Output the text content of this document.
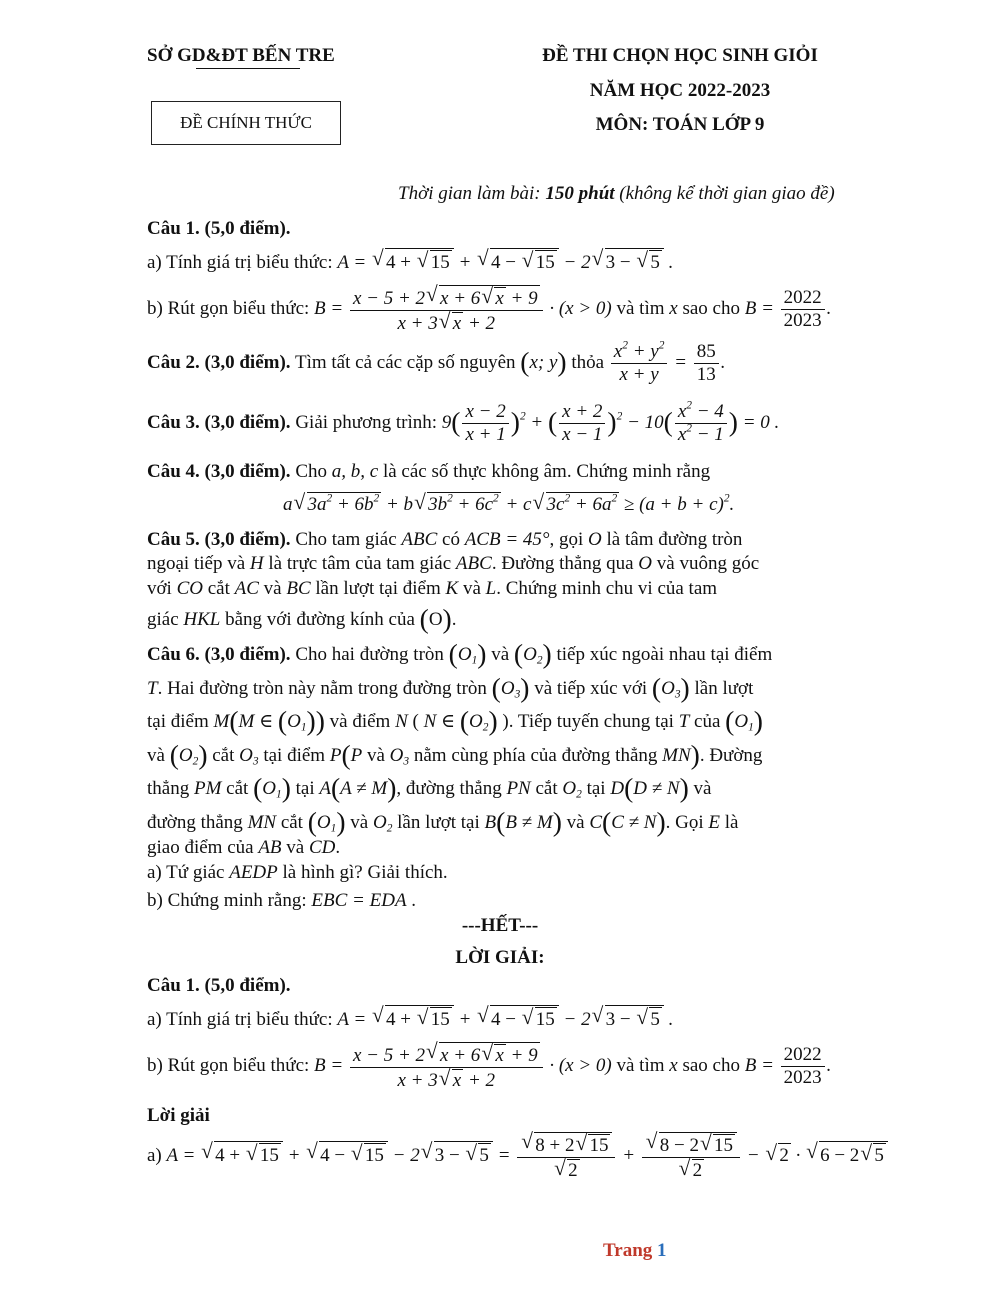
SỞ GD&ĐT BẾN TRE
ĐỀ CHÍNH THỨC
ĐỀ THI CHỌN HỌC SINH GIỎI
NĂM HỌC 2022-2023
MÔN: TOÁN LỚP 9
Thời gian làm bài: 150 phút (không kể thời gian giao đề)
Câu 1. (5,0 điểm).
a) Tính giá trị biểu thức: A = √ 4 + √ 15 + √ 4 − √ 15 − 2√ 3 − √ 5 .
b) Rút gọn biểu thức: $B = \frac{x - 5 + 2√ x + 6√ x + 9}{x + 3√ x + 2} \cdot (x > 0)$ và tìm x sao cho $B = \frac{2022}{2023}$ .
Câu 2. (3,0 điểm). Tìm tất cả các cặp số nguyên (x; y) thỏa $\frac{x^2 + y^2}{x + y} = \frac{85}{13}$ .
Câu 3. (3,0 điểm). Giải phương trình: $9( \frac{x - 2}{x + 1} )^2$ + ( $\frac{x + 2}{x - 1} )^2 - 10( \frac{x^2 - 4}{x^2 - 1}$ ) = 0 .
Câu 4. (3,0 điểm). Cho a, b, c là các số thực không âm. Chứng minh rằng
a√ $3a^2 + 6b^2 + b√$ $3b^2 + 6c^2 + c√$ $3c^2 + 6a^2 \ge (a + b + c)^2$.
Câu 5. (3,0 điểm). Cho tam giác ABC có ACB = 45°, gọi O là tâm đường tròn
ngoại tiếp và H là trực tâm của tam giác ABC. Đường thẳng qua O và vuông góc
với CO cắt AC và BC lần lượt tại điểm K và L. Chứng minh chu vi của tam
giác HKL bằng với đường kính của (O).
Câu 6. (3,0 điểm). Cho hai đường tròn $(O_1)$ và $(O_2)$ tiếp xúc ngoài nhau tại điểm
T. Hai đường tròn này nằm trong đường tròn $(O_3)$ và tiếp xúc với $(O_3)$ lần lượt
tại điểm M(M ∈ $(O_1)$) và điểm N ( N ∈ $(O_2)$ ). Tiếp tuyến chung tại T của $(O_1)$
và $(O_2)$ cắt $O_3$ tại điểm P(P và $O_3$ nằm cùng phía của đường thẳng MN). Đường
thẳng PM cắt $(O_1)$ tại A(A ≠ M), đường thẳng PN cắt $O_2$ tại D(D ≠ N) và
đường thẳng MN cắt $(O_1)$ và $O_2$ lần lượt tại B(B ≠ M) và C(C ≠ N). Gọi E là
giao điểm của AB và CD.
a) Tứ giác AEDP là hình gì? Giải thích.
b) Chứng minh rằng: EBC = EDA .
---HẾT---
LỜI GIẢI:
Câu 1. (5,0 điểm).
a) Tính giá trị biểu thức: A = √ 4 + √ 15 + √ 4 − √ 15 − 2√ 3 − √ 5 .
b) Rút gọn biểu thức: $B = \frac{x - 5 + 2√ x + 6√ x + 9}{x + 3√ x + 2} \cdot (x > 0)$ và tìm x sao cho $B = \frac{2022}{2023}$ .
Lời giải
a) A = √ 4 + √ 15 + √ 4 − √ 15 − 2√ 3 − √ 5 =
√ 8 + 2√ 15
√ 2 +
√ 8 − 2√ 15
√ 2 − √ 2 · √ 6 − 2√ 5
Trang 1
